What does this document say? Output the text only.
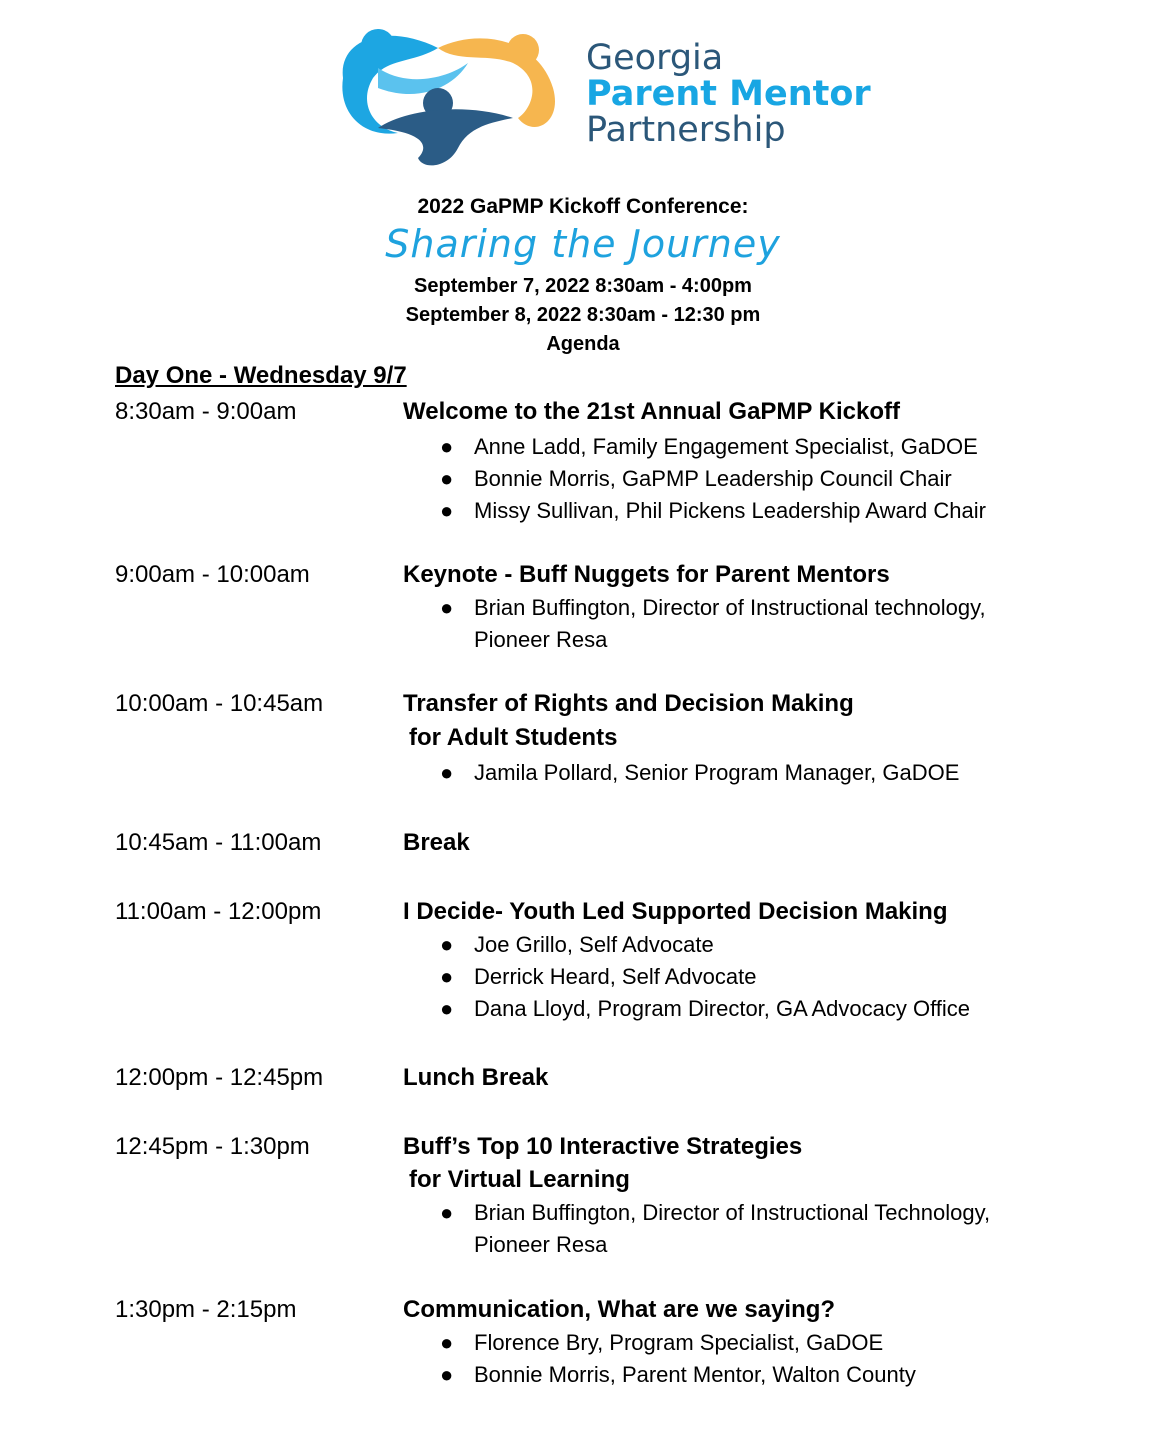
Georgia
Parent Mentor
Partnership
2022 GaPMP Kickoff Conference:
Sharing the Journey
September 7, 2022 8:30am - 4:00pm
September 8, 2022 8:30am - 12:30 pm
Agenda
Day One - Wednesday 9/7
8:30am - 9:00am	Welcome to the 21st Annual GaPMP Kickoff
● Anne Ladd, Family Engagement Specialist, GaDOE
● Bonnie Morris, GaPMP Leadership Council Chair
● Missy Sullivan, Phil Pickens Leadership Award Chair
9:00am - 10:00am	Keynote - Buff Nuggets for Parent Mentors
● Brian Buffington, Director of Instructional technology,
Pioneer Resa
10:00am - 10:45am	Transfer of Rights and Decision Making
for Adult Students
● Jamila Pollard, Senior Program Manager, GaDOE
10:45am - 11:00am	Break
11:00am - 12:00pm	I Decide- Youth Led Supported Decision Making
● Joe Grillo, Self Advocate
● Derrick Heard, Self Advocate
● Dana Lloyd, Program Director, GA Advocacy Office
12:00pm - 12:45pm	Lunch Break
12:45pm - 1:30pm	Buff’s Top 10 Interactive Strategies
for Virtual Learning
● Brian Buffington, Director of Instructional Technology,
Pioneer Resa
1:30pm - 2:15pm	Communication, What are we saying?
● Florence Bry, Program Specialist, GaDOE
● Bonnie Morris, Parent Mentor, Walton County
